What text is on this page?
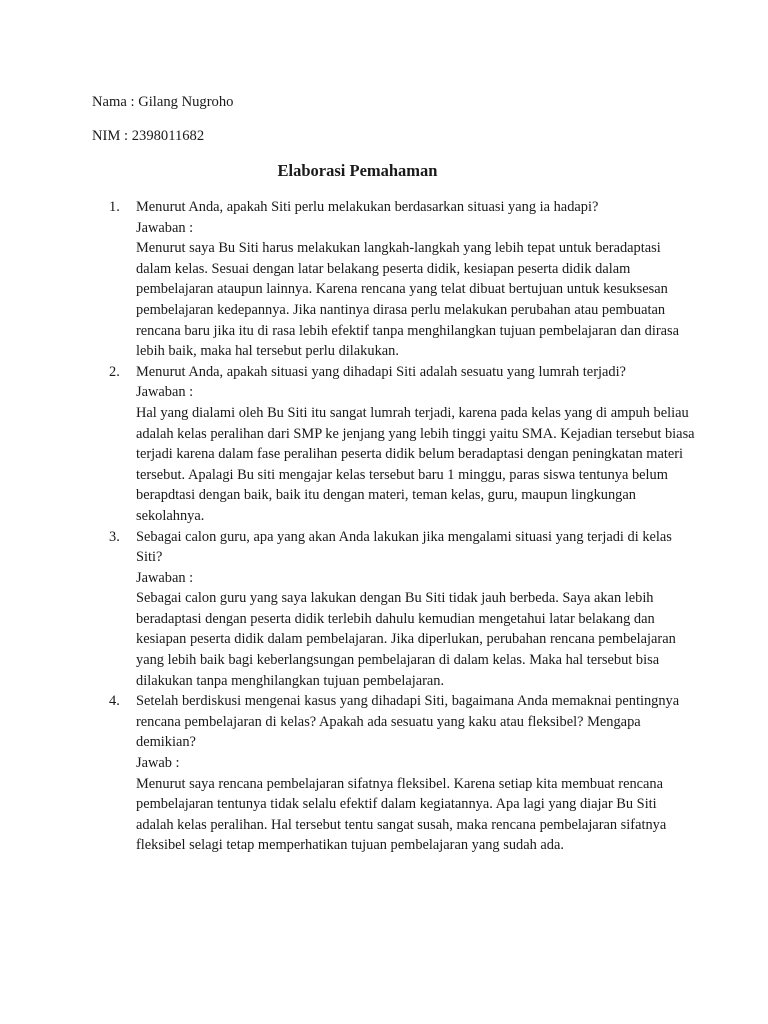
Nama : Gilang Nugroho
NIM : 2398011682
Elaborasi Pemahaman
1. Menurut Anda, apakah Siti perlu melakukan berdasarkan situasi yang ia hadapi?
Jawaban :
Menurut saya Bu Siti harus melakukan langkah-langkah yang lebih tepat untuk beradaptasi dalam kelas. Sesuai dengan latar belakang peserta didik, kesiapan peserta didik dalam pembelajaran ataupun lainnya. Karena rencana yang telat dibuat bertujuan untuk kesuksesan pembelajaran kedepannya. Jika nantinya dirasa perlu melakukan perubahan atau pembuatan rencana baru jika itu di rasa lebih efektif tanpa menghilangkan tujuan pembelajaran dan dirasa lebih baik, maka hal tersebut perlu dilakukan.
2. Menurut Anda, apakah situasi yang dihadapi Siti adalah sesuatu yang lumrah terjadi?
Jawaban :
Hal yang dialami oleh Bu Siti itu sangat lumrah terjadi, karena pada kelas yang di ampuh beliau adalah kelas peralihan dari SMP ke jenjang yang lebih tinggi yaitu SMA. Kejadian tersebut biasa terjadi karena dalam fase peralihan peserta didik belum beradaptasi dengan peningkatan materi tersebut. Apalagi Bu siti mengajar kelas tersebut baru 1 minggu, paras siswa tentunya belum berapdtasi dengan baik, baik itu dengan materi, teman kelas, guru, maupun lingkungan sekolahnya.
3. Sebagai calon guru, apa yang akan Anda lakukan jika mengalami situasi yang terjadi di kelas Siti?
Jawaban :
Sebagai calon guru yang saya lakukan dengan Bu Siti tidak jauh berbeda. Saya akan lebih beradaptasi dengan peserta didik terlebih dahulu kemudian mengetahui latar belakang dan kesiapan peserta didik dalam pembelajaran. Jika diperlukan, perubahan rencana pembelajaran yang lebih baik bagi keberlangsungan pembelajaran di dalam kelas. Maka hal tersebut bisa dilakukan tanpa menghilangkan tujuan pembelajaran.
4. Setelah berdiskusi mengenai kasus yang dihadapi Siti, bagaimana Anda memaknai pentingnya rencana pembelajaran di kelas? Apakah ada sesuatu yang kaku atau fleksibel? Mengapa demikian?
Jawab :
Menurut saya rencana pembelajaran sifatnya fleksibel. Karena setiap kita membuat rencana pembelajaran tentunya tidak selalu efektif dalam kegiatannya. Apa lagi yang diajar Bu Siti adalah kelas peralihan. Hal tersebut tentu sangat susah, maka rencana pembelajaran sifatnya fleksibel selagi tetap memperhatikan tujuan pembelajaran yang sudah ada.
